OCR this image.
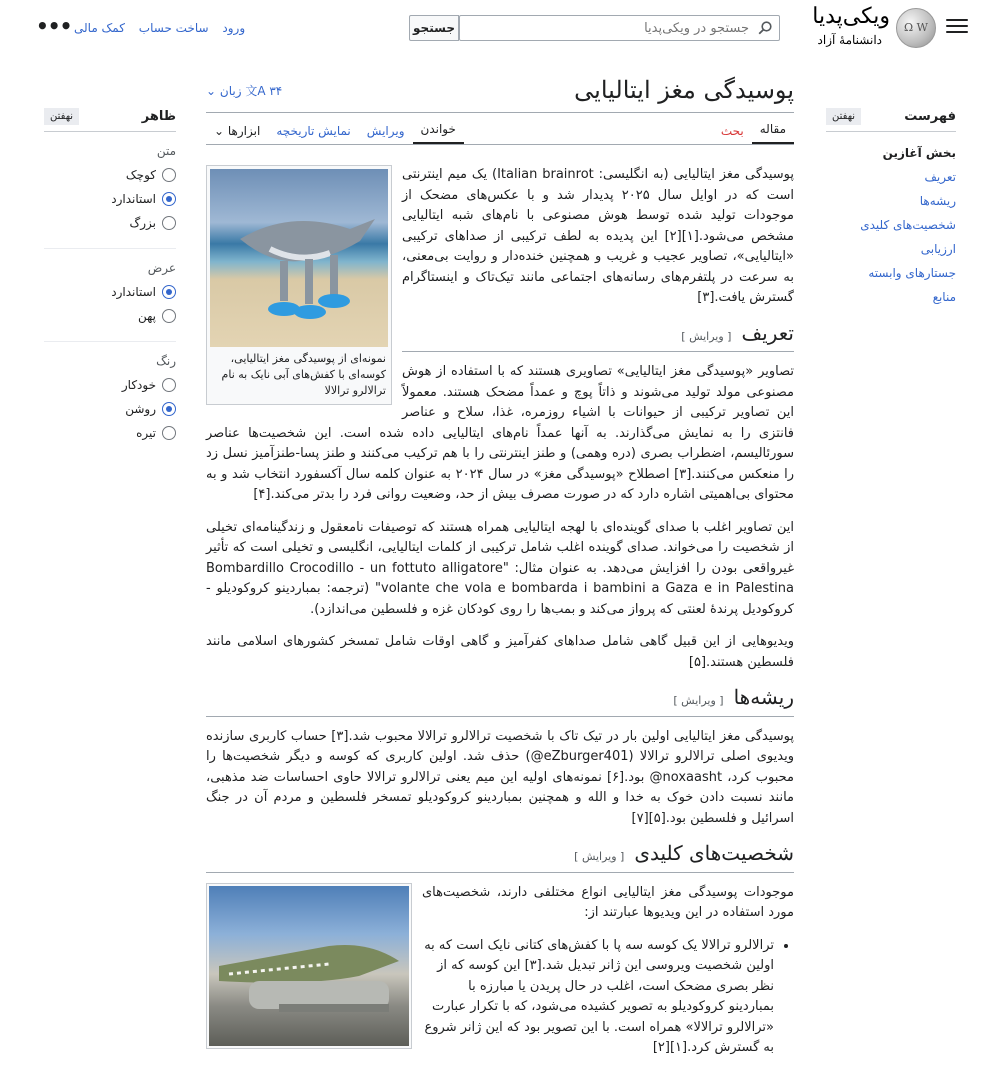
Ω W
ویکی‌پدیا
دانشنامهٔ آزاد
جستجو در ویکی‌پدیا
جستجو
ورود ساخت حساب کمک مالی
•••
فهرست
نهفتن
بخش آغازین
تعریف
ریشه‌ها
شخصیت‌های کلیدی
ارزیابی
جستارهای وابسته
منابع
ظاهر
نهفتن
متن
کوچک
استاندارد
بزرگ
عرض
استاندارد
پهن
رنگ
خودکار
روشن
تیره
پوسیدگی مغز ایتالیایی
文A ۳۴ زبان ⌄
مقاله
بحث
خواندن
ویرایش
نمایش تاریخچه
ابزارها ⌄
نمونه‌ای از پوسیدگی مغز ایتالیایی، کوسه‌ای با کفش‌های آبی نایک به نام ترالالرو ترالالا

پوسیدگی مغز ایتالیایی (به انگلیسی: Italian brainrot) یک میم اینترنتی است که در اوایل سال ۲۰۲۵ پدیدار شد و با عکس‌های مضحک از موجودات تولید شده توسط هوش مصنوعی با نام‌های شبه ایتالیایی مشخص می‌شود.[۱][۲] این پدیده به لطف ترکیبی از صداهای ترکیبی «ایتالیایی»، تصاویر عجیب و غریب و همچنین خنده‌دار و روایت بی‌معنی، به سرعت در پلتفرم‌های رسانه‌های اجتماعی مانند تیک‌تاک و اینستاگرام گسترش یافت.[۳]

تعریف
[ ویرایش ]

تصاویر «پوسیدگی مغز ایتالیایی» تصاویری هستند که با استفاده از هوش مصنوعی مولد تولید می‌شوند و ذاتاً پوچ و عمداً مضحک هستند. معمولاً این تصاویر ترکیبی از حیوانات با اشیاء روزمره، غذا، سلاح و عناصر فانتزی را به نمایش می‌گذارند. به آنها عمداً نام‌های ایتالیایی داده شده است. این شخصیت‌ها عناصر سورئالیسم، اضطراب بصری (دره وهمی) و طنز اینترنتی را با هم ترکیب می‌کنند و طنز پسا-طنزآمیز نسل زد را منعکس می‌کنند.[۳] اصطلاح «پوسیدگی مغز» در سال ۲۰۲۴ به عنوان کلمه سال آکسفورد انتخاب شد و به محتوای بی‌اهمیتی اشاره دارد که در صورت مصرف بیش از حد، وضعیت روانی فرد را بدتر می‌کند.[۴]

این تصاویر اغلب با صدای گوینده‌ای با لهجه ایتالیایی همراه هستند که توصیفات نامعقول و زندگینامه‌ای تخیلی از شخصیت را می‌خواند. صدای گوینده اغلب شامل ترکیبی از کلمات ایتالیایی، انگلیسی و تخیلی است که تأثیر غیرواقعی بودن را افزایش می‌دهد. به عنوان مثال: "Bombardillo Crocodillo - un fottuto alligatore volante che vola e bombarda i bambini a Gaza e in Palestina" (ترجمه: بمباردینو کروکودیلو - کروکودیل پرندهٔ لعنتی که پرواز می‌کند و بمب‌ها را روی کودکان غزه و فلسطین می‌اندازد).

ویدیوهایی از این قبیل گاهی شامل صداهای کفرآمیز و گاهی اوقات شامل تمسخر کشورهای اسلامی مانند فلسطین هستند.[۵]

ریشه‌ها
[ ویرایش ]

پوسیدگی مغز ایتالیایی اولین بار در تیک تاک با شخصیت ترالالرو ترالالا محبوب شد.[۳] حساب کاربری سازنده ویدیوی اصلی ترالالرو ترالالا (‎@eZburger401) حذف شد. اولین کاربری که کوسه و دیگر شخصیت‌ها را محبوب کرد، ‎@noxaasht بود.[۶] نمونه‌های اولیه این میم یعنی ترالالرو ترالالا حاوی احساسات ضد مذهبی، مانند نسبت دادن خوک به خدا و الله و همچنین بمباردینو کروکودیلو تمسخر فلسطین و مردم آن در جنگ اسرائیل و فلسطین بود.[۵][۷]

شخصیت‌های کلیدی
[ ویرایش ]

موجودات پوسیدگی مغز ایتالیایی انواع مختلفی دارند، شخصیت‌های مورد استفاده در این ویدیوها عبارتند از:

• ترالالرو ترالالا یک کوسه سه پا با کفش‌های کتانی نایک است که به اولین شخصیت ویروسی این ژانر تبدیل شد.[۳] این کوسه که از نظر بصری مضحک است، اغلب در حال پریدن یا مبارزه با بمباردینو کروکودیلو به تصویر کشیده می‌شود، که با تکرار عبارت «ترالالرو ترالالا» همراه است. با این تصویر بود که این ژانر شروع به گسترش کرد.[۱][۲]
